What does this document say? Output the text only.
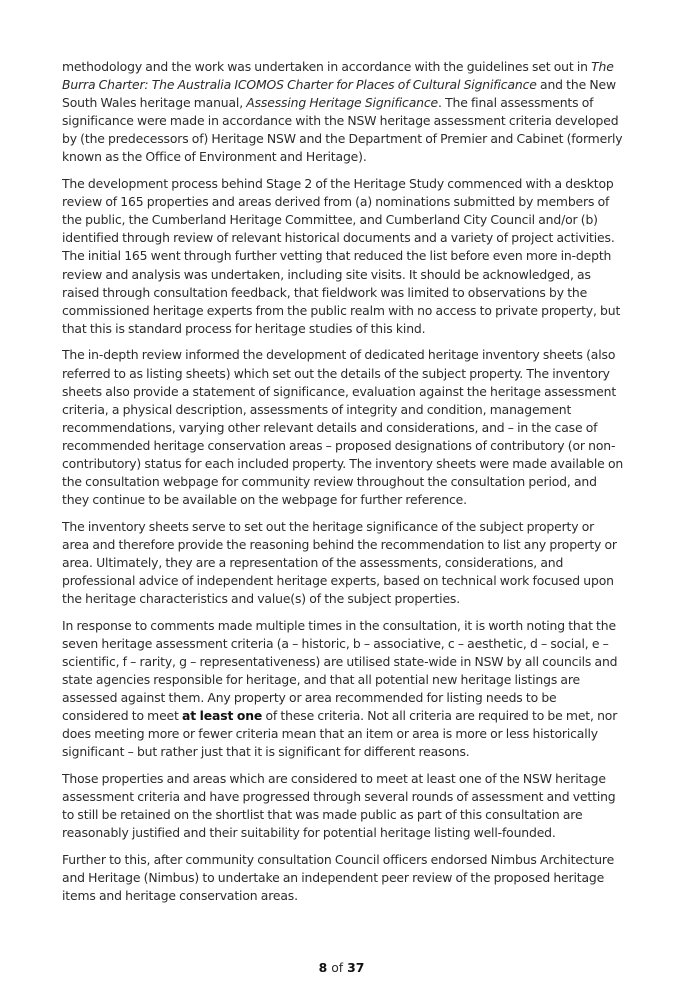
methodology and the work was undertaken in accordance with the guidelines set out in The Burra Charter: The Australia ICOMOS Charter for Places of Cultural Significance and the New South Wales heritage manual, Assessing Heritage Significance. The final assessments of significance were made in accordance with the NSW heritage assessment criteria developed by (the predecessors of) Heritage NSW and the Department of Premier and Cabinet (formerly known as the Office of Environment and Heritage).

The development process behind Stage 2 of the Heritage Study commenced with a desktop review of 165 properties and areas derived from (a) nominations submitted by members of the public, the Cumberland Heritage Committee, and Cumberland City Council and/or (b) identified through review of relevant historical documents and a variety of project activities. The initial 165 went through further vetting that reduced the list before even more in-depth review and analysis was undertaken, including site visits. It should be acknowledged, as raised through consultation feedback, that fieldwork was limited to observations by the commissioned heritage experts from the public realm with no access to private property, but that this is standard process for heritage studies of this kind.

The in-depth review informed the development of dedicated heritage inventory sheets (also referred to as listing sheets) which set out the details of the subject property. The inventory sheets also provide a statement of significance, evaluation against the heritage assessment criteria, a physical description, assessments of integrity and condition, management recommendations, varying other relevant details and considerations, and – in the case of recommended heritage conservation areas – proposed designations of contributory (or non-contributory) status for each included property. The inventory sheets were made available on the consultation webpage for community review throughout the consultation period, and they continue to be available on the webpage for further reference.

The inventory sheets serve to set out the heritage significance of the subject property or area and therefore provide the reasoning behind the recommendation to list any property or area. Ultimately, they are a representation of the assessments, considerations, and professional advice of independent heritage experts, based on technical work focused upon the heritage characteristics and value(s) of the subject properties.

In response to comments made multiple times in the consultation, it is worth noting that the seven heritage assessment criteria (a – historic, b – associative, c – aesthetic, d – social, e – scientific, f – rarity, g – representativeness) are utilised state-wide in NSW by all councils and state agencies responsible for heritage, and that all potential new heritage listings are assessed against them. Any property or area recommended for listing needs to be considered to meet at least one of these criteria. Not all criteria are required to be met, nor does meeting more or fewer criteria mean that an item or area is more or less historically significant – but rather just that it is significant for different reasons.

Those properties and areas which are considered to meet at least one of the NSW heritage assessment criteria and have progressed through several rounds of assessment and vetting to still be retained on the shortlist that was made public as part of this consultation are reasonably justified and their suitability for potential heritage listing well-founded.

Further to this, after community consultation Council officers endorsed Nimbus Architecture and Heritage (Nimbus) to undertake an independent peer review of the proposed heritage items and heritage conservation areas.

8 of 37
